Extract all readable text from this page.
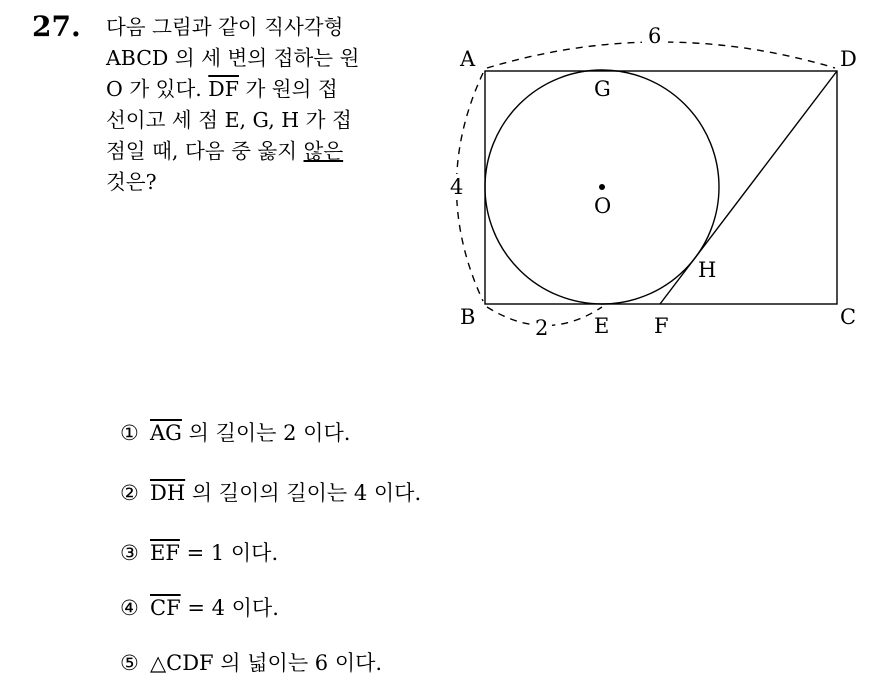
27. 다음 그림과 같이 직사각형
ABCD 의 세 변의 접하는 원
O 가 있다. $\overline{DF}$ 가 원의 접
선이고 세 점 E, G, H 가 접
점일 때, 다음 중 옳지 않은
것은?
A
B	C
D
E F
G
H
O
6
4
2
① $\overline{AG}$ 의 길이는 2 이다.
② $\overline{DH}$ 의 길이의 길이는 4 이다.
③ $\overline{EF} = 1$ 이다.
④ $\overline{CF} = 4$ 이다.
⑤ △CDF 의 넓이는 6 이다.
